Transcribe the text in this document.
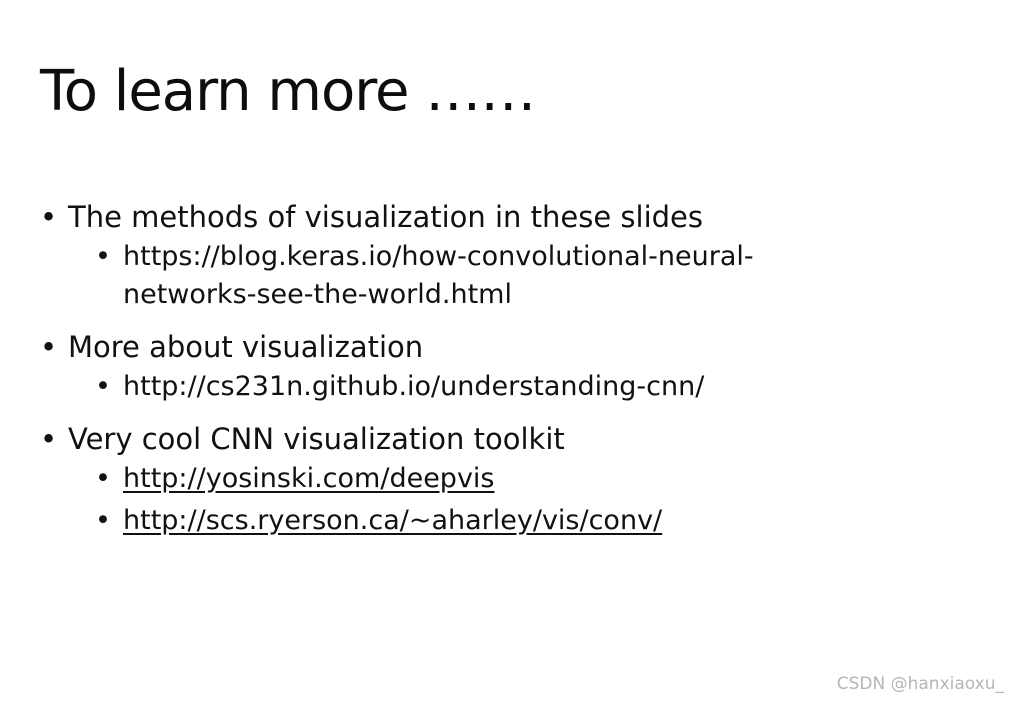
To learn more ……
• The methods of visualization in these slides
• https://blog.keras.io/how-convolutional-neural-networks-see-the-world.html
• More about visualization
• http://cs231n.github.io/understanding-cnn/
• Very cool CNN visualization toolkit
• http://yosinski.com/deepvis
• http://scs.ryerson.ca/~aharley/vis/conv/
CSDN @hanxiaoxu_
